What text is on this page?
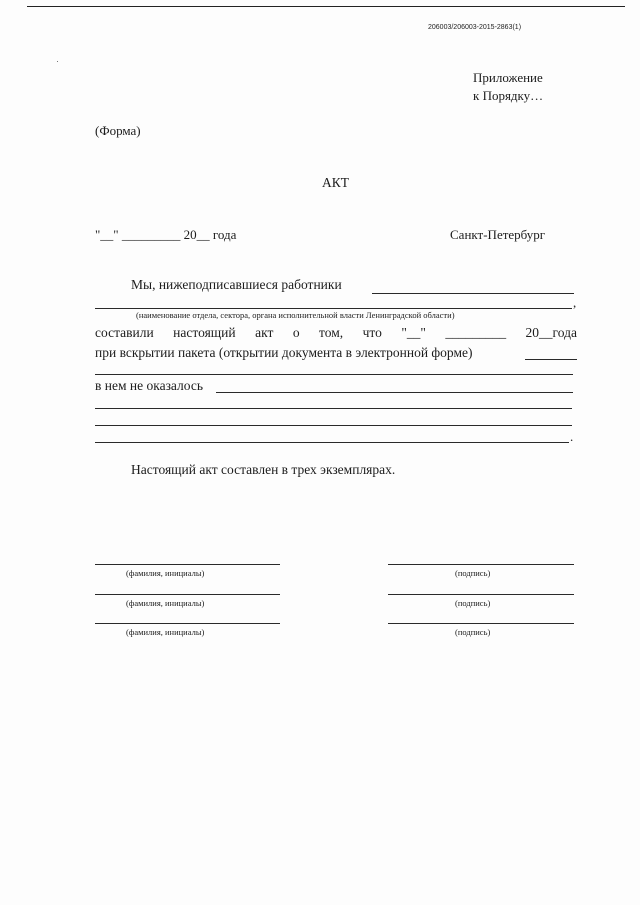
206003/206003-2015-2863(1)
Приложение
к Порядку…
(Форма)
АКТ
"__" _________ 20__ года	Санкт-Петербург
Мы, нижеподписавшиеся работники
,
(наименование отдела, сектора, органа исполнительной власти Ленинградской области)
составили настоящий акт о том, что "__" _________ 20__года
при вскрытии пакета (открытии документа в электронной форме)
в нем не оказалось
.
Настоящий акт составлен в трех экземплярах.
(фамилия, инициалы)	(подпись)
(фамилия, инициалы)	(подпись)
(фамилия, инициалы)	(подпись)
